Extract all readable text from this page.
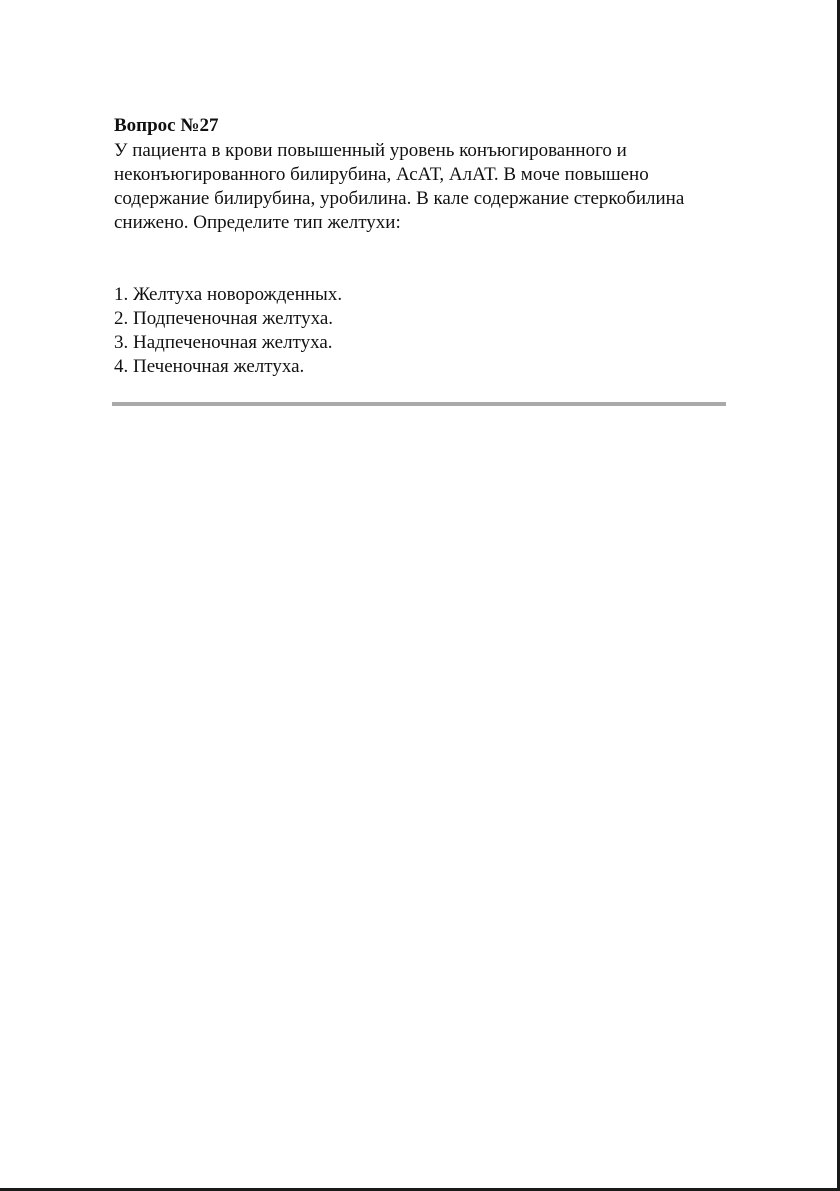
Вопрос №27

У пациента в крови повышенный уровень конъюгированного и
неконъюгированного билирубина, АсАТ, АлАТ. В моче повышено
содержание билирубина, уробилина. В кале содержание стеркобилина
снижено. Определите тип желтухи:

1. Желтуха новорожденных.
2. Подпеченочная желтуха.
3. Надпеченочная желтуха.
4. Печеночная желтуха.
